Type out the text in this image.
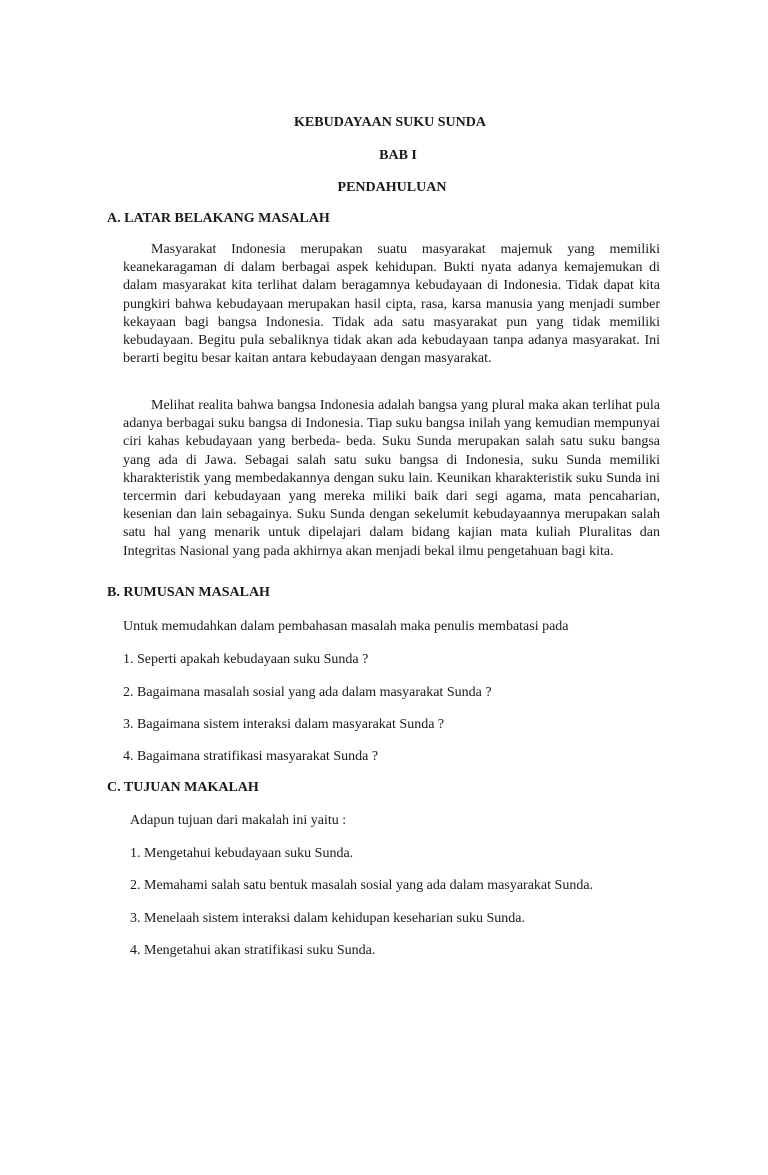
KEBUDAYAAN SUKU SUNDA
BAB I
PENDAHULUAN
A. LATAR BELAKANG MASALAH

Masyarakat Indonesia merupakan suatu masyarakat majemuk yang memiliki keanekaragaman di dalam berbagai aspek kehidupan. Bukti nyata adanya kemajemukan di dalam masyarakat kita terlihat dalam beragamnya kebudayaan di Indonesia. Tidak dapat kita pungkiri bahwa kebudayaan merupakan hasil cipta, rasa, karsa manusia yang menjadi sumber kekayaan bagi bangsa Indonesia. Tidak ada satu masyarakat pun yang tidak memiliki kebudayaan. Begitu pula sebaliknya tidak akan ada kebudayaan tanpa adanya masyarakat. Ini berarti begitu besar kaitan antara kebudayaan dengan masyarakat.

Melihat realita bahwa bangsa Indonesia adalah bangsa yang plural maka akan terlihat pula adanya berbagai suku bangsa di Indonesia. Tiap suku bangsa inilah yang kemudian mempunyai ciri kahas kebudayaan yang berbeda- beda. Suku Sunda merupakan salah satu suku bangsa yang ada di Jawa. Sebagai salah satu suku bangsa di Indonesia, suku Sunda memiliki kharakteristik yang membedakannya dengan suku lain. Keunikan kharakteristik suku Sunda ini tercermin dari kebudayaan yang mereka miliki baik dari segi agama, mata pencaharian, kesenian dan lain sebagainya. Suku Sunda dengan sekelumit kebudayaannya merupakan salah satu hal yang menarik untuk dipelajari dalam bidang kajian mata kuliah Pluralitas dan Integritas Nasional yang pada akhirnya akan menjadi bekal ilmu pengetahuan bagi kita.

B. RUMUSAN MASALAH
Untuk memudahkan dalam pembahasan masalah maka penulis membatasi pada
1. Seperti apakah kebudayaan suku Sunda ?
2. Bagaimana masalah sosial yang ada dalam masyarakat Sunda ?
3. Bagaimana sistem interaksi dalam masyarakat Sunda ?
4. Bagaimana stratifikasi masyarakat Sunda ?
C. TUJUAN MAKALAH
Adapun tujuan dari makalah ini yaitu :
1. Mengetahui kebudayaan suku Sunda.
2. Memahami salah satu bentuk masalah sosial yang ada dalam masyarakat Sunda.
3. Menelaah sistem interaksi dalam kehidupan keseharian suku Sunda.
4. Mengetahui akan stratifikasi suku Sunda.
